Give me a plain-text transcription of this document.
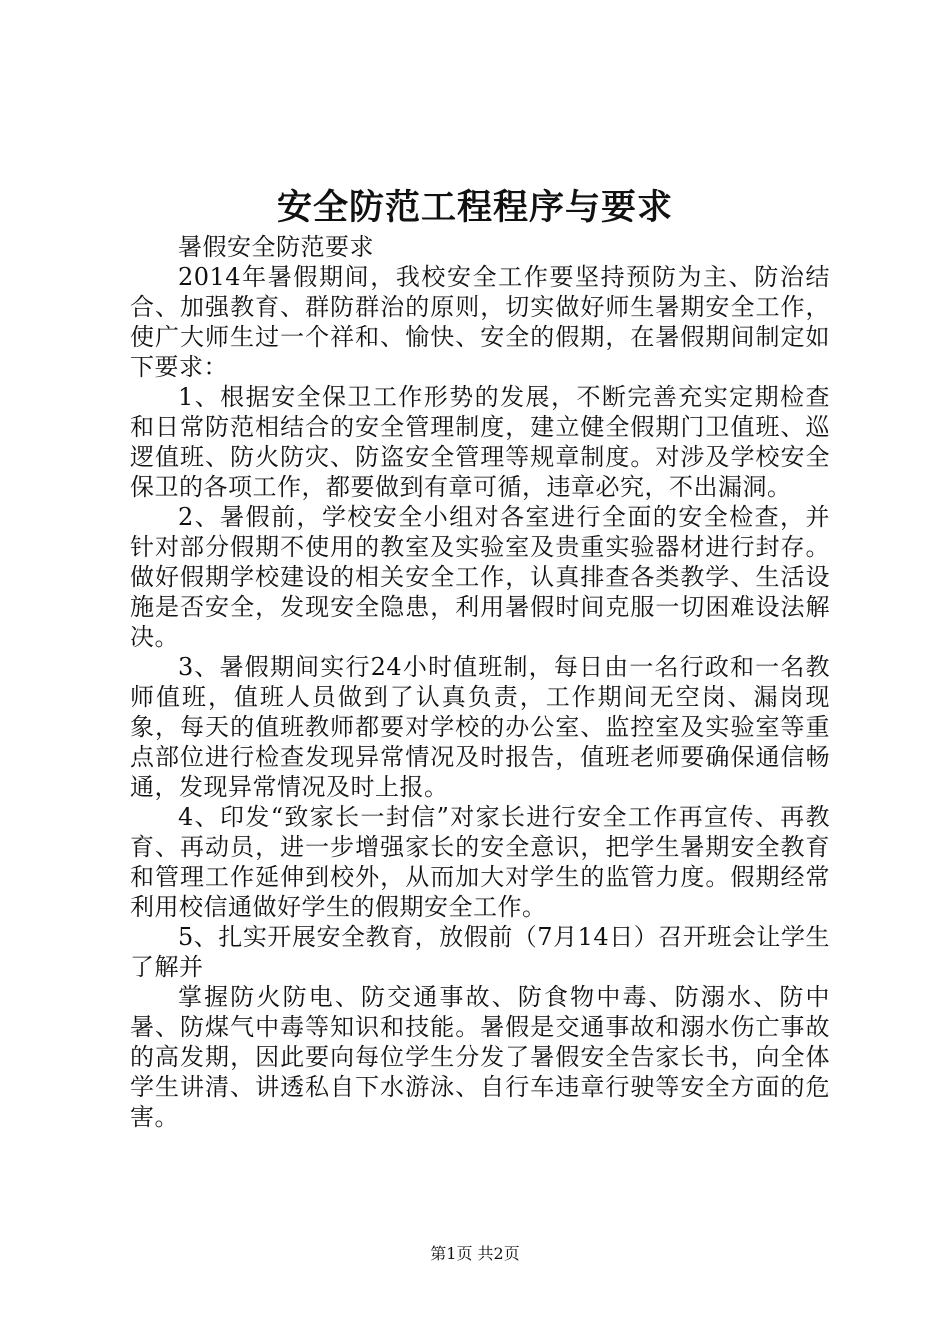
安全防范工程程序与要求

暑假安全防范要求

2014年暑假期间，我校安全工作要坚持预防为主、防治结合、加强教育、群防群治的原则，切实做好师生暑期安全工作，使广大师生过一个祥和、愉快、安全的假期，在暑假期间制定如下要求：

1、根据安全保卫工作形势的发展，不断完善充实定期检查和日常防范相结合的安全管理制度，建立健全假期门卫值班、巡逻值班、防火防灾、防盗安全管理等规章制度。对涉及学校安全保卫的各项工作，都要做到有章可循，违章必究，不出漏洞。

2、暑假前，学校安全小组对各室进行全面的安全检查，并针对部分假期不使用的教室及实验室及贵重实验器材进行封存。做好假期学校建设的相关安全工作，认真排查各类教学、生活设施是否安全，发现安全隐患，利用暑假时间克服一切困难设法解决。

3、暑假期间实行24小时值班制，每日由一名行政和一名教师值班，值班人员做到了认真负责，工作期间无空岗、漏岗现象，每天的值班教师都要对学校的办公室、监控室及实验室等重点部位进行检查发现异常情况及时报告，值班老师要确保通信畅通，发现异常情况及时上报。

4、印发“致家长一封信”对家长进行安全工作再宣传、再教育、再动员，进一步增强家长的安全意识，把学生暑期安全教育和管理工作延伸到校外，从而加大对学生的监管力度。假期经常利用校信通做好学生的假期安全工作。

5、扎实开展安全教育，放假前（7月14日）召开班会让学生了解并

掌握防火防电、防交通事故、防食物中毒、防溺水、防中暑、防煤气中毒等知识和技能。暑假是交通事故和溺水伤亡事故的高发期，因此要向每位学生分发了暑假安全告家长书，向全体学生讲清、讲透私自下水游泳、自行车违章行驶等安全方面的危害。

第1页 共2页
